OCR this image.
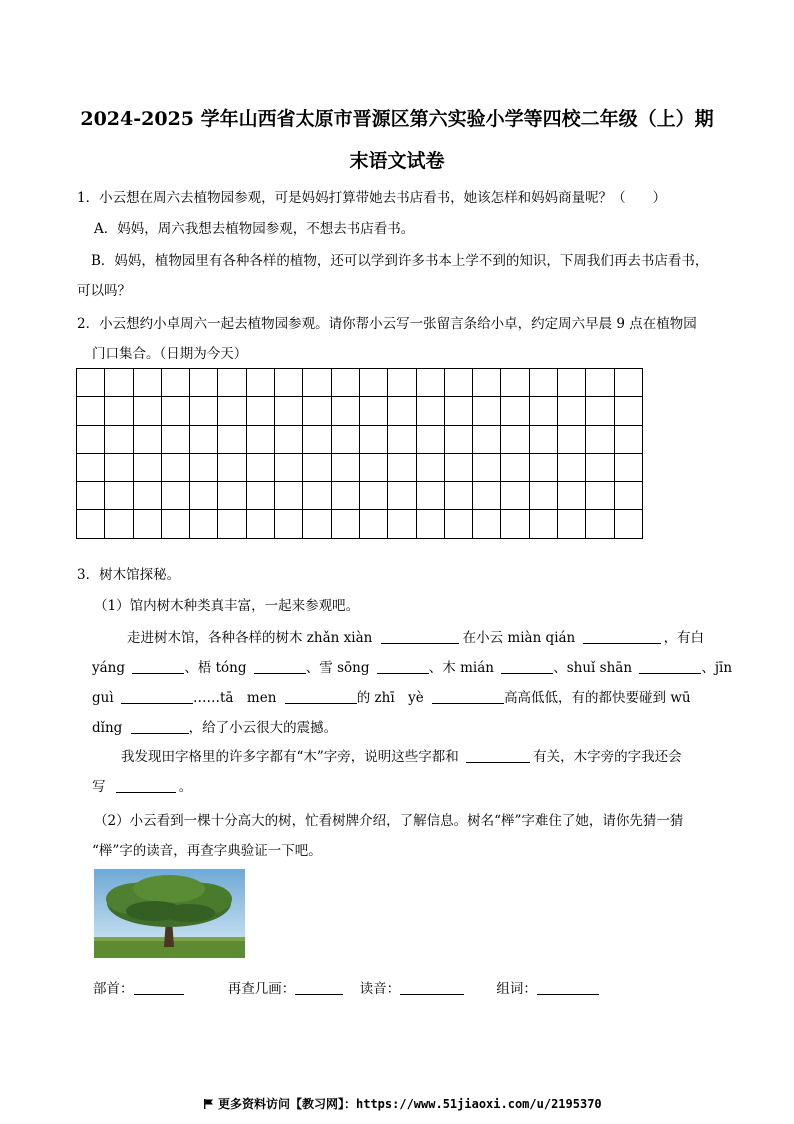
2024-2025 学年山西省太原市晋源区第六实验小学等四校二年级（上）期
末语文试卷
1．小云想在周六去植物园参观，可是妈妈打算带她去书店看书，她该怎样和妈妈商量呢？（　　）
A．妈妈，周六我想去植物园参观，不想去书店看书。
B．妈妈，植物园里有各种各样的植物，还可以学到许多书本上学不到的知识，下周我们再去书店看书，
可以吗？
2．小云想约小卓周六一起去植物园参观。请你帮小云写一张留言条给小卓，约定周六早晨 9 点在植物园
门口集合。（日期为今天）

3．树木馆探秘。
（1）馆内树木种类真丰富，一起来参观吧。
走进树木馆，各种各样的树木 zhǎn xiàn	在小云 miàn qián	，有白
yáng	、梧 tóng	、雪 sōng	、木 mián	、shuǐ shān	、jīn
guì	……tā　men	的 zhī　yè	高高低低，有的都快要碰到 wū
dǐng	，给了小云很大的震撼。
我发现田字格里的许多字都有“木”字旁，说明这些字都和	有关，木字旁的字我还会
写	。
（2）小云看到一棵十分高大的树，忙看树牌介绍，了解信息。树名“榉”字难住了她，请你先猜一猜
“榉”字的读音，再查字典验证一下吧。
部首：	再查几画：	读音：	组词：
更多资料访问【教习网】：https://www.51jiaoxi.com/u/2195370
